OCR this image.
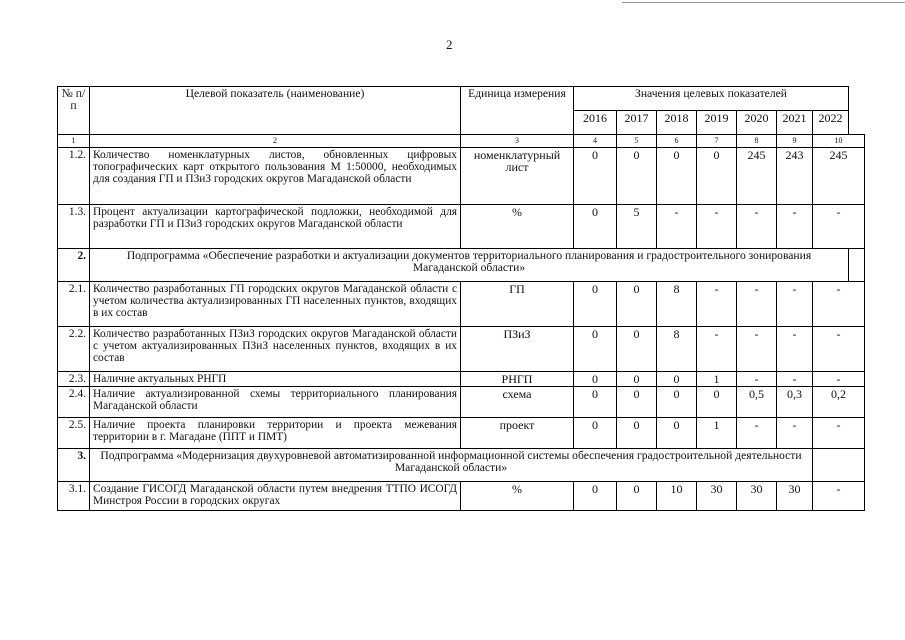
2
№ п/п	Целевой показатель (наименование)	Единица измерения	Значения целевых показателей							
			2016	2017	2018	2019	2020	2021	2022	
1	2	3	4	5	6	7	8	9	10	
1.2.	Количество номенклатурных листов, обновленных цифровых топографических карт открытого пользования М 1:50000, необходимых для создания ГП и ПЗиЗ городских округов Магаданской области	номенклатурный лист	0	0	0	0	245	243	245	
1.3.	Процент актуализации картографической подложки, необходимой для разработки ГП и ПЗиЗ городских округов Магаданской области	%	0	5	-	-	-	-	-	
2.	Подпрограмма «Обеспечение разработки и актуализации документов территориального планирования и градостроительного зонирования Магаданской области»									
2.1.	Количество разработанных ГП городских округов Магаданской области с учетом количества актуализированных ГП населенных пунктов, входящих в их состав	ГП	0	0	8	-	-	-	-	
2.2.	Количество разработанных ПЗиЗ городских округов Магаданской области с учетом актуализированных ПЗиЗ населенных пунктов, входящих в их состав	ПЗиЗ	0	0	8	-	-	-	-	
2.3.	Наличие актуальных РНГП	РНГП	0	0	0	1	-	-	-	
2.4.	Наличие актуализированной схемы территориального планирования Магаданской области	схема	0	0	0	0	0,5	0,3	0,2	
2.5.	Наличие проекта планировки территории и проекта межевания территории в г. Магадане (ППТ и ПМТ)	проект	0	0	0	1	-	-	-	
3.	Подпрограмма «Модернизация двухуровневой автоматизированной информационной системы обеспечения градостроительной деятельности Магаданской области»									
3.1.	Создание ГИСОГД Магаданской области путем внедрения ТТПО ИСОГД Минстроя России в городских округах	%	0	0	10	30	30	30	-	
